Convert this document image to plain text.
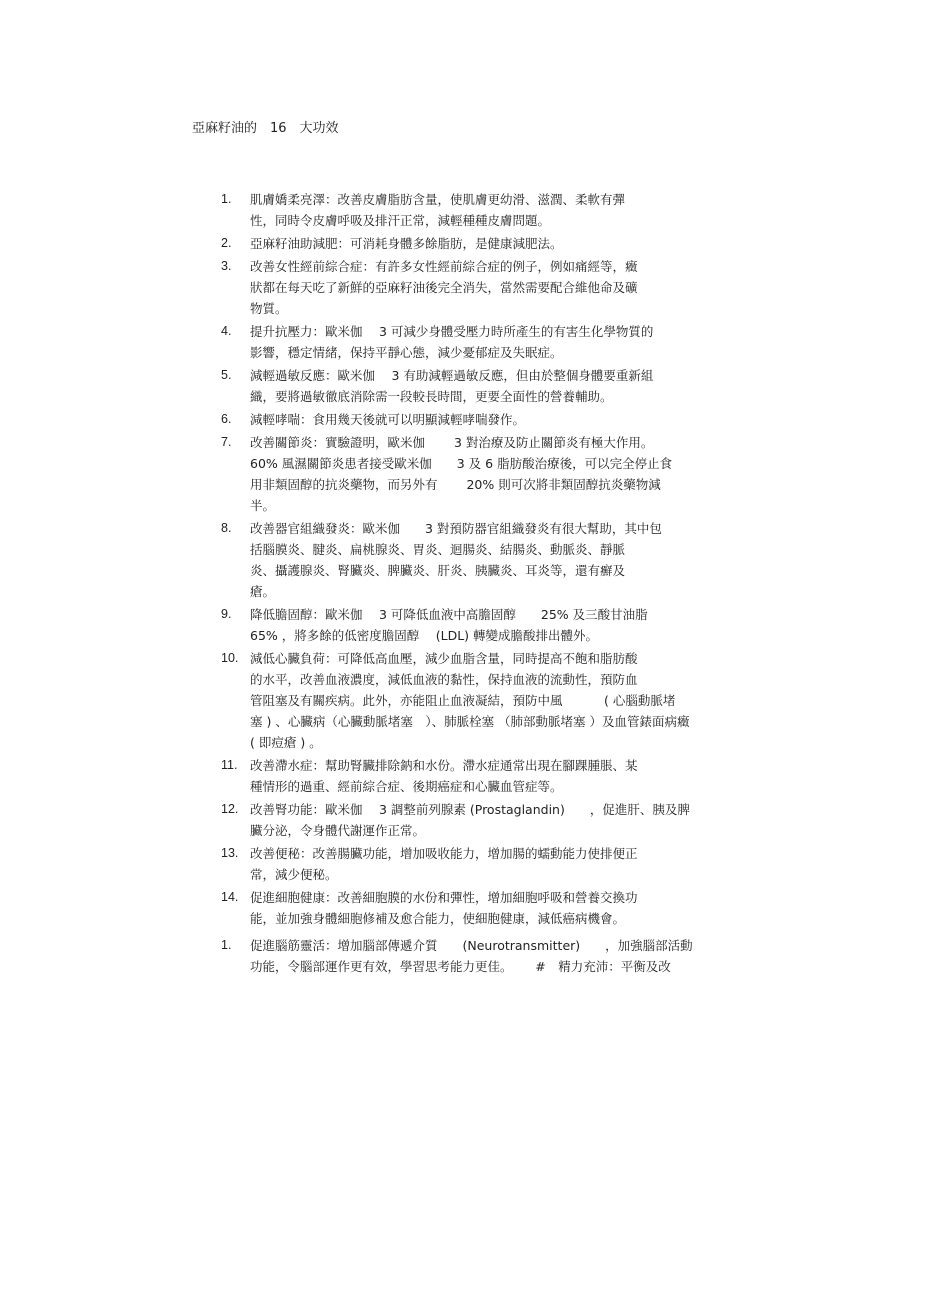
亞麻籽油的　16　大功效
1.	肌膚嬌柔亮澤：改善皮膚脂肪含量，使肌膚更幼滑、滋潤、柔軟有彈
性，同時令皮膚呼吸及排汗正常，減輕種種皮膚問題。
2.	亞麻籽油助減肥：可消耗身體多餘脂肪，是健康減肥法。
3.	改善女性經前綜合症：有許多女性經前綜合症的例子，例如痛經等，癥
狀都在每天吃了新鮮的亞麻籽油後完全消失，當然需要配合維他命及礦
物質。
4.	提升抗壓力：歐米伽　 3 可減少身體受壓力時所產生的有害生化學物質的
影響，穩定情緒，保持平靜心態，減少憂郁症及失眠症。
5.	減輕過敏反應：歐米伽　 3 有助減輕過敏反應，但由於整個身體要重新組
織，要將過敏徹底消除需一段較長時間，更要全面性的營養輔助。
6.	減輕哮喘：食用幾天後就可以明顯減輕哮喘發作。
7.	改善關節炎：實驗證明，歐米伽　　 3 對治療及防止關節炎有極大作用。
60% 風濕關節炎患者接受歐米伽　　3 及 6 脂肪酸治療後，可以完全停止食
用非類固醇的抗炎藥物，而另外有　　 20% 則可次將非類固醇抗炎藥物減
半。
8.	改善器官組織發炎：歐米伽　　3 對預防器官組織發炎有很大幫助，其中包
括腦膜炎、腱炎、扁桃腺炎、胃炎、迴腸炎、結腸炎、動脈炎、靜脈
炎、攝護腺炎、腎臟炎、脾臟炎、肝炎、胰臟炎、耳炎等，還有癬及
瘡。
9.	降低膽固醇：歐米伽　 3 可降低血液中高膽固醇　　25% 及三酸甘油脂
65% ，將多餘的低密度膽固醇　 (LDL) 轉變成膽酸排出體外。
10. 減低心臟負荷：可降低高血壓，減少血脂含量，同時提高不飽和脂肪酸
的水平，改善血液濃度，減低血液的黏性，保持血液的流動性，預防血
管阻塞及有關疾病。此外，亦能阻止血液凝結，預防中風　　　 ( 心腦動脈堵
塞 ) 、心臟病（心臟動脈堵塞　）、肺脈栓塞 （肺部動脈堵塞 ）及血管錶面病癥
( 即痘瘡 ) 。
11.	改善滯水症：幫助腎臟排除鈉和水份。滯水症通常出現在腳踝腫脹、某
種情形的過重、經前綜合症、後期癌症和心臟血管症等。
12. 改善腎功能：歐米伽　 3 調整前列腺素 (Prostaglandin)　　，促進肝、胰及脾
臟分泌，令身體代謝運作正常。
13. 改善便秘：改善腸臟功能，增加吸收能力，增加腸的蠕動能力使排便正
常，減少便秘。
14. 促進細胞健康：改善細胞膜的水份和彈性，增加細胞呼吸和營養交換功
能，並加強身體細胞修補及愈合能力，使細胞健康，減低癌病機會。
1.	促進腦筋靈活：增加腦部傳遞介質　　(Neurotransmitter)　　，加強腦部活動
功能，令腦部運作更有效，學習思考能力更佳。　　 #　精力充沛：平衡及改
